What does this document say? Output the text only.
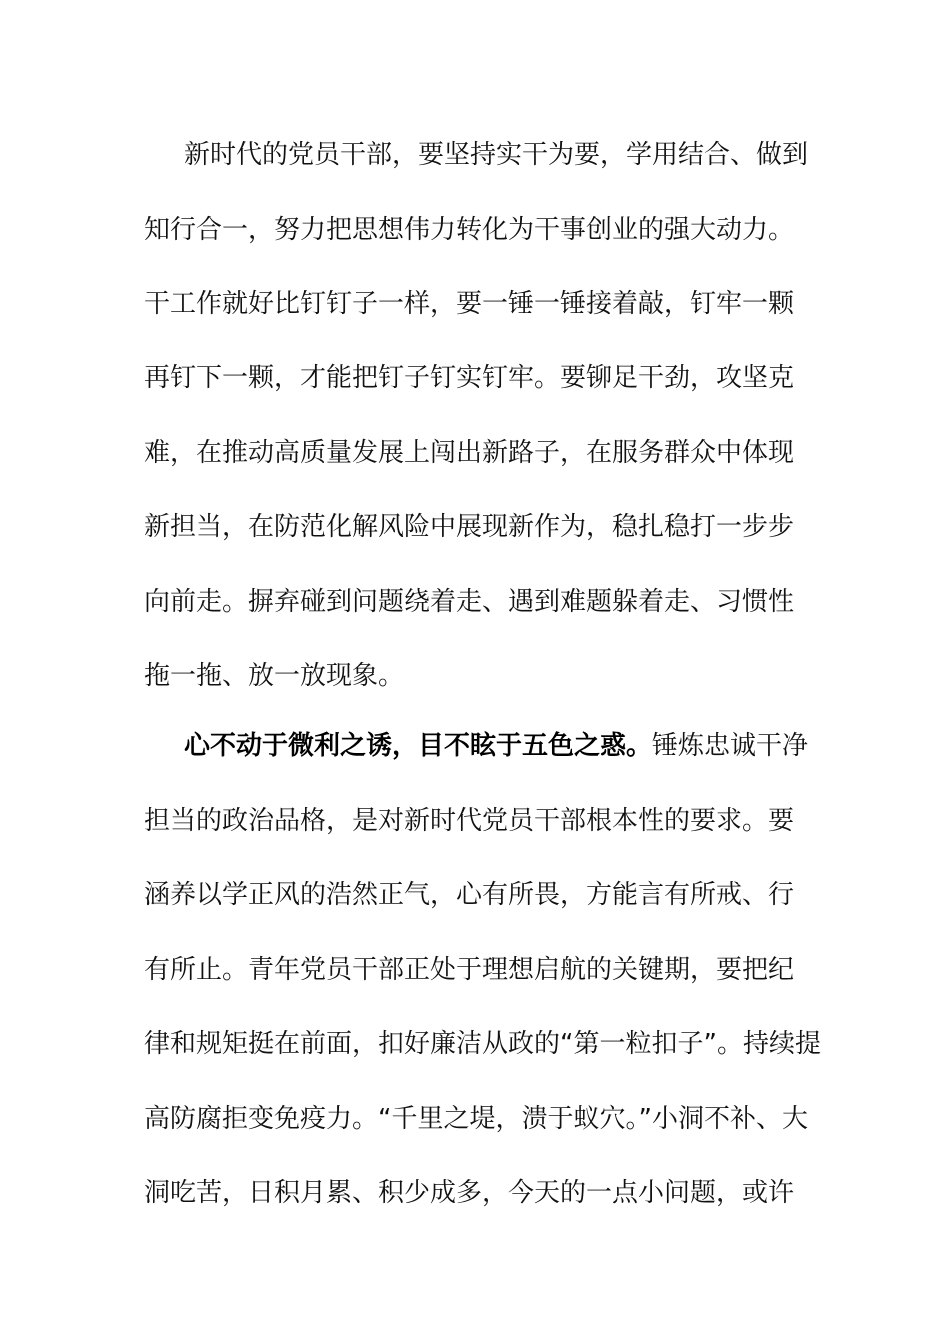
新时代的党员干部，要坚持实干为要，学用结合、做到
知行合一，努力把思想伟力转化为干事创业的强大动力。
干工作就好比钉钉子一样，要一锤一锤接着敲，钉牢一颗
再钉下一颗，才能把钉子钉实钉牢。要铆足干劲，攻坚克
难，在推动高质量发展上闯出新路子，在服务群众中体现
新担当，在防范化解风险中展现新作为，稳扎稳打一步步
向前走。摒弃碰到问题绕着走、遇到难题躲着走、习惯性
拖一拖、放一放现象。
心不动于微利之诱，目不眩于五色之惑。锤炼忠诚干净
担当的政治品格，是对新时代党员干部根本性的要求。要
涵养以学正风的浩然正气，心有所畏，方能言有所戒、行
有所止。青年党员干部正处于理想启航的关键期，要把纪
律和规矩挺在前面，扣好廉洁从政的“第一粒扣子”。持续提
高防腐拒变免疫力。“千里之堤，溃于蚁穴。”小洞不补、大
洞吃苦，日积月累、积少成多，今天的一点小问题，或许
